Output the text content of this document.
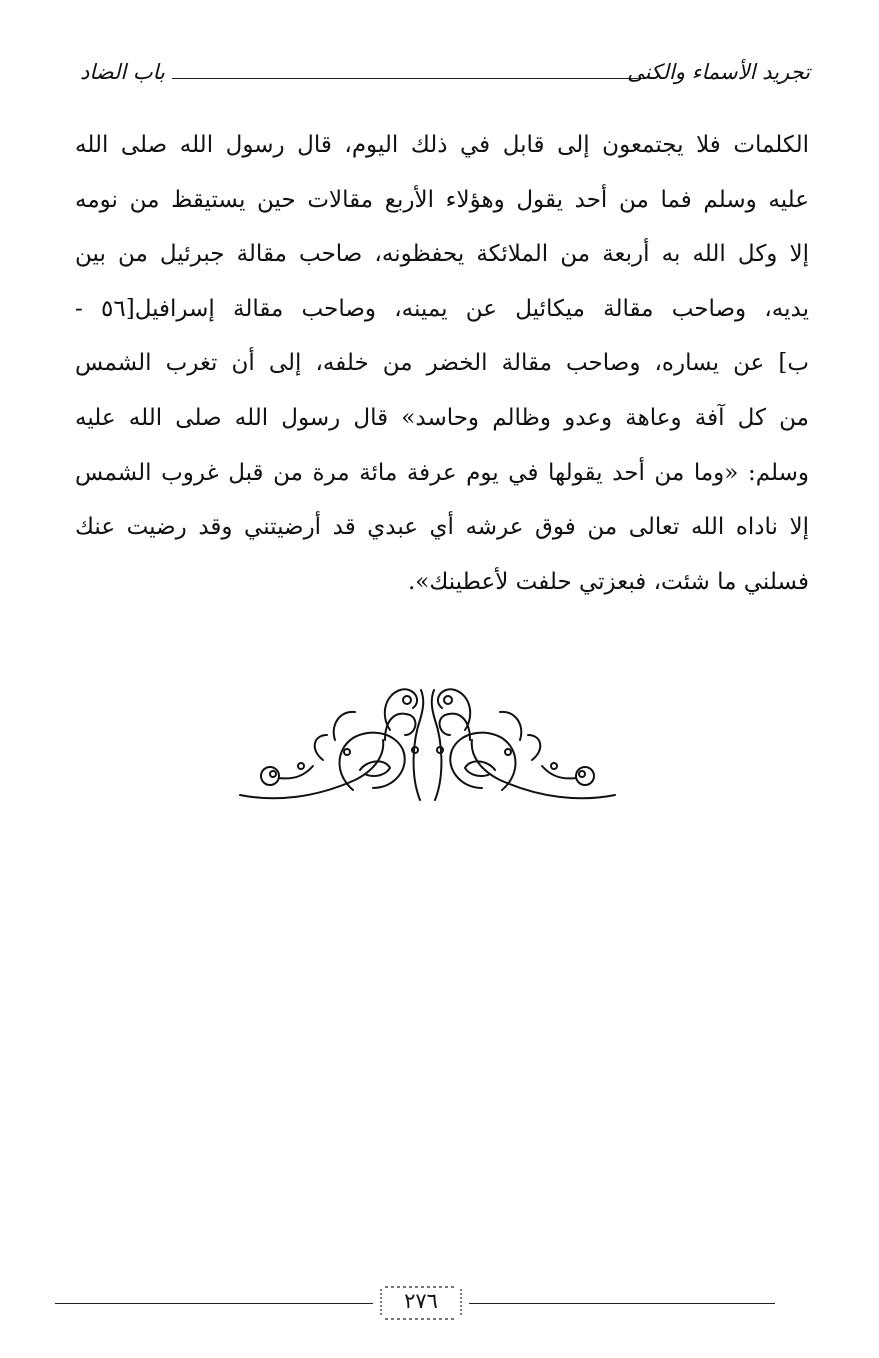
باب الضاد	تجريد الأسماء والكنى
الكلمات فلا يجتمعون إلى قابل في ذلك اليوم، قال رسول الله صلى الله
عليه وسلم فما من أحد يقول وهؤلاء الأربع مقالات حين يستيقظ من نومه
إلا وكل الله به أربعة من الملائكة يحفظونه، صاحب مقالة جبرئيل من بين
يديه، وصاحب مقالة ميكائيل عن يمينه، وصاحب مقالة إسرافيل[٥٦ -
ب] عن يساره، وصاحب مقالة الخضر من خلفه، إلى أن تغرب الشمس
من كل آفة وعاهة وعدو وظالم وحاسد» قال رسول الله صلى الله عليه
وسلم: «وما من أحد يقولها في يوم عرفة مائة مرة من قبل غروب الشمس
إلا ناداه الله تعالى من فوق عرشه أي عبدي قد أرضيتني وقد رضيت عنك
فسلني ما شئت، فبعزتي حلفت لأعطينك».
٢٧٦
